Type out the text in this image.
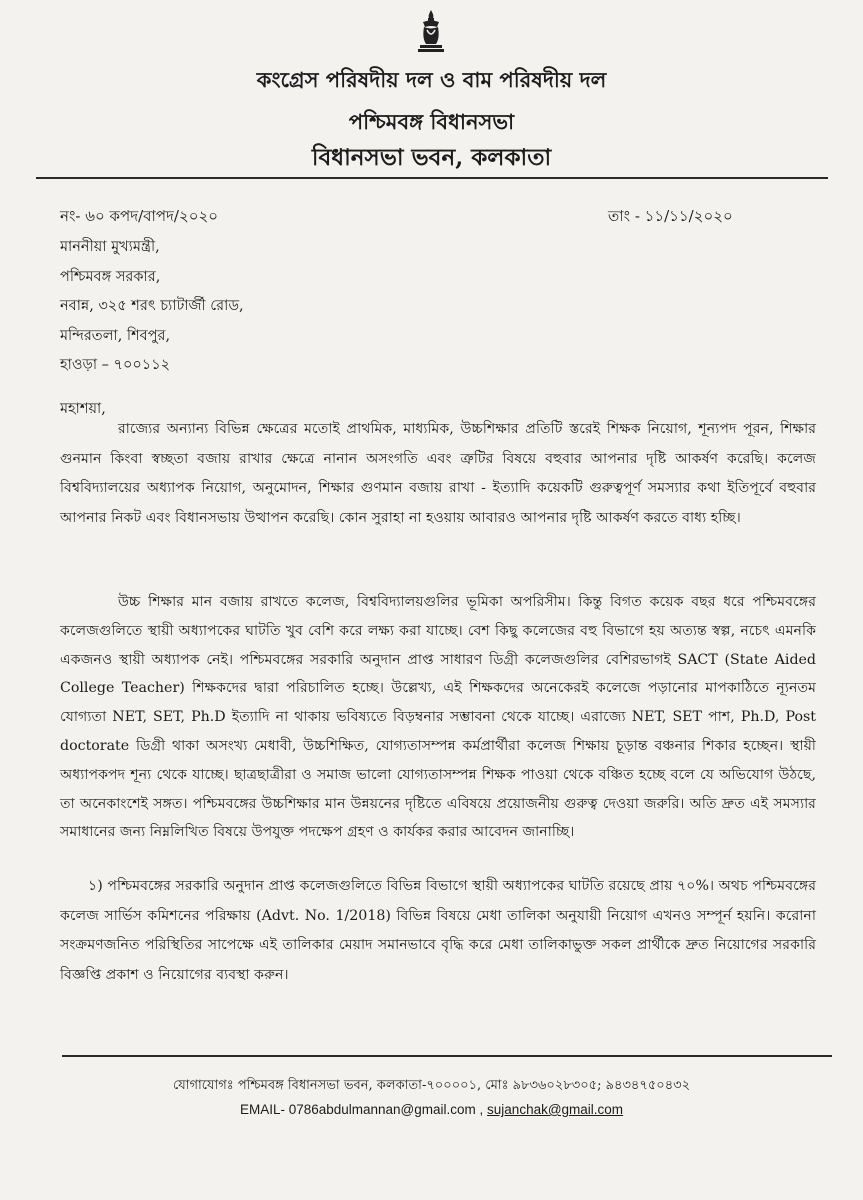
কংগ্রেস পরিষদীয় দল ও বাম পরিষদীয় দল
পশ্চিমবঙ্গ বিধানসভা
বিধানসভা ভবন, কলকাতা
নং- ৬০ কপদ/বাপদ/২০২০	তাং - ১১/১১/২০২০
মাননীয়া মুখ্যমন্ত্রী,
পশ্চিমবঙ্গ সরকার,
নবান্ন, ৩২৫ শরৎ চ্যাটার্জী রোড,
মন্দিরতলা, শিবপুর,
হাওড়া – ৭০০১১২
মহাশয়া,

রাজ্যের অন্যান্য বিভিন্ন ক্ষেত্রের মতোই প্রাথমিক, মাধ্যমিক, উচ্চশিক্ষার প্রতিটি স্তরেই শিক্ষক নিয়োগ, শূন্যপদ পূরন, শিক্ষার গুনমান কিংবা স্বচ্ছতা বজায় রাখার ক্ষেত্রে নানান অসংগতি এবং ত্রুটির বিষয়ে বহুবার আপনার দৃষ্টি আকর্ষণ করেছি। কলেজ বিশ্ববিদ্যালয়ের অধ্যাপক নিয়োগ, অনুমোদন, শিক্ষার গুণমান বজায় রাখা - ইত্যাদি কয়েকটি গুরুত্বপূর্ণ সমস্যার কথা ইতিপূর্বে বহুবার আপনার নিকট এবং বিধানসভায় উত্থাপন করেছি। কোন সুরাহা না হওয়ায় আবারও আপনার দৃষ্টি আকর্ষণ করতে বাধ্য হচ্ছি।

উচ্চ শিক্ষার মান বজায় রাখতে কলেজ, বিশ্ববিদ্যালয়গুলির ভূমিকা অপরিসীম। কিন্তু বিগত কয়েক বছর ধরে পশ্চিমবঙ্গের কলেজগুলিতে স্থায়ী অধ্যাপকের ঘাটতি খুব বেশি করে লক্ষ্য করা যাচ্ছে। বেশ কিছু কলেজের বহু বিভাগে হয় অত্যন্ত স্বল্প, নচেৎ এমনকি একজনও স্থায়ী অধ্যাপক নেই। পশ্চিমবঙ্গের সরকারি অনুদান প্রাপ্ত সাধারণ ডিগ্রী কলেজগুলির বেশিরভাগই SACT (State Aided College Teacher) শিক্ষকদের দ্বারা পরিচালিত হচ্ছে। উল্লেখ্য, এই শিক্ষকদের অনেকেরই কলেজে পড়ানোর মাপকাঠিতে ন্যূনতম যোগ্যতা NET, SET, Ph.D ইত্যাদি না থাকায় ভবিষ্যতে বিড়ম্বনার সম্ভাবনা থেকে যাচ্ছে। এরাজ্যে NET, SET পাশ, Ph.D, Post doctorate ডিগ্রী থাকা অসংখ্য মেধাবী, উচ্চশিক্ষিত, যোগ্যতাসম্পন্ন কর্মপ্রার্থীরা কলেজ শিক্ষায় চূড়ান্ত বঞ্চনার শিকার হচ্ছেন। স্থায়ী অধ্যাপকপদ শূন্য থেকে যাচ্ছে। ছাত্রছাত্রীরা ও সমাজ ভালো যোগ্যতাসম্পন্ন শিক্ষক পাওয়া থেকে বঞ্চিত হচ্ছে বলে যে অভিযোগ উঠছে, তা অনেকাংশেই সঙ্গত। পশ্চিমবঙ্গের উচ্চশিক্ষার মান উন্নয়নের দৃষ্টিতে এবিষয়ে প্রয়োজনীয় গুরুত্ব দেওয়া জরুরি। অতি দ্রুত এই সমস্যার সমাধানের জন্য নিম্নলিখিত বিষয়ে উপযুক্ত পদক্ষেপ গ্রহণ ও কার্যকর করার আবেদন জানাচ্ছি।

১) পশ্চিমবঙ্গের সরকারি অনুদান প্রাপ্ত কলেজগুলিতে বিভিন্ন বিভাগে স্থায়ী অধ্যাপকের ঘাটতি রয়েছে প্রায় ৭০%। অথচ পশ্চিমবঙ্গের কলেজ সার্ভিস কমিশনের পরিক্ষায় (Advt. No. 1/2018) বিভিন্ন বিষয়ে মেধা তালিকা অনুযায়ী নিয়োগ এখনও সম্পূর্ন হয়নি। করোনা সংক্রমণজনিত পরিস্থিতির সাপেক্ষে এই তালিকার মেয়াদ সমানভাবে বৃদ্ধি করে মেধা তালিকাভুক্ত সকল প্রার্থীকে দ্রুত নিয়োগের সরকারি বিজ্ঞপ্তি প্রকাশ ও নিয়োগের ব্যবস্থা করুন।

যোগাযোগঃ পশ্চিমবঙ্গ বিধানসভা ভবন, কলকাতা-৭০০০০১, মোঃ ৯৮৩৬০২৮৩০৫; ৯৪৩৪৭৫০৪৩২
EMAIL- 0786abdulmannan@gmail.com , sujanchak@gmail.com
